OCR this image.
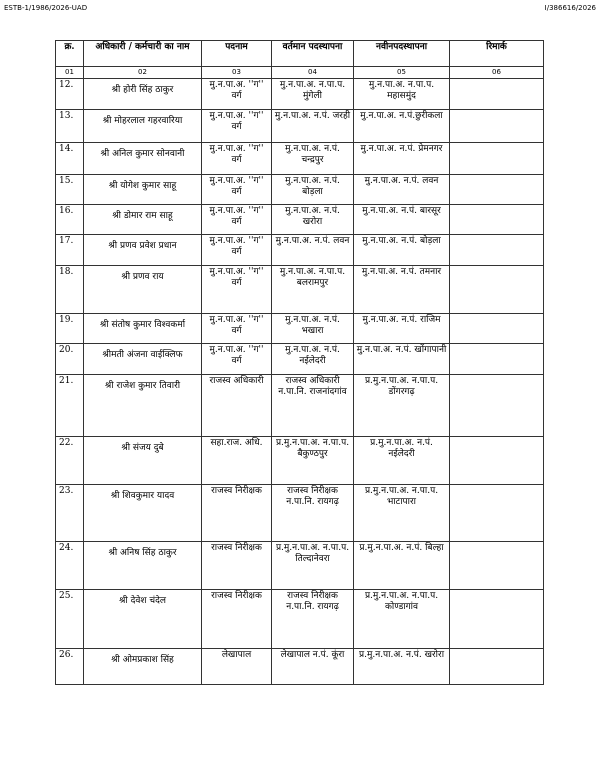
ESTB-1/1986/2026-UAD	I/386616/2026
क्र.	अधिकारी / कर्मचारी का नाम	पदनाम	वर्तमान पदस्थापना	नवीनपदस्थापना	रिमार्क
01	02	03	04	05	06
12.	श्री होरी सिंह ठाकुर	मु.न.पा.अ. ''ग'' वर्ग	मु.न.पा.अ. न.पा.प. मुंगेली	मु.न.पा.अ. न.पा.प. महासमुंद	
13.	श्री मोहरलाल गहरवारिया	मु.न.पा.अ. ''ग'' वर्ग	मु.न.पा.अ. न.पं. जरही	मु.न.पा.अ. न.पं.छुरीकला	
14.	श्री अनिल कुमार सोनवानी	मु.न.पा.अ. ''ग'' वर्ग	मु.न.पा.अ. न.पं. चन्द्रपुर	मु.न.पा.अ. न.पं. प्रेमनगर	
15.	श्री योगेश कुमार साहू	मु.न.पा.अ. ''ग'' वर्ग	मु.न.पा.अ. न.पं. बोड़ला	मु.न.पा.अ. न.पं. लवन	
16.	श्री डोमार राम साहू	मु.न.पा.अ. ''ग'' वर्ग	मु.न.पा.अ. न.पं. खरोरा	मु.न.पा.अ. न.पं. बारसूर	
17.	श्री प्रणव प्रवेश प्रधान	मु.न.पा.अ. ''ग'' वर्ग	मु.न.पा.अ. न.पं. लवन	मु.न.पा.अ. न.पं. बोड़ला	
18.	श्री प्रणव राय	मु.न.पा.अ. ''ग'' वर्ग	मु.न.पा.अ. न.पा.प. बलरामपुर	मु.न.पा.अ. न.पं. तमनार	
19.	श्री संतोष कुमार विश्वकर्मा	मु.न.पा.अ. ''ग'' वर्ग	मु.न.पा.अ. न.पं. भखारा	मु.न.पा.अ. न.पं. राजिम	
20.	श्रीमती अंजना वाईक्लिफ	मु.न.पा.अ. ''ग'' वर्ग	मु.न.पा.अ. न.पं. नईलेदरी	मु.न.पा.अ. न.पं. खोंगापानी	
21.	श्री राजेश कुमार तिवारी	राजस्व अधिकारी	राजस्व अधिकारी न.पा.नि. राजनांदगांव	प्र.मु.न.पा.अ. न.पा.प. डोंगरगढ़	
22.	श्री संजय दुबे	सहा.राज. अधि.	प्र.मु.न.पा.अ. न.पा.प. बैकुण्ठपुर	प्र.मु.न.पा.अ. न.पं. नईलेदरी	
23.	श्री शिवकुमार यादव	राजस्व निरीक्षक	राजस्व निरीक्षक न.पा.नि. रायगढ़	प्र.मु.न.पा.अ. न.पा.प. भाटापारा	
24.	श्री अनिष सिंह ठाकुर	राजस्व निरीक्षक	प्र.मु.न.पा.अ. न.पा.प. तिल्दानेवरा	प्र.मु.न.पा.अ. न.पं. बिल्हा	
25.	श्री देवेश चंदेल	राजस्व निरीक्षक	राजस्व निरीक्षक न.पा.नि. रायगढ़	प्र.मु.न.पा.अ. न.पा.प. कोण्डागांव	
26.	श्री ओमप्रकाश सिंह	लेखापाल	लेखापाल न.पं. कूंरा	प्र.मु.न.पा.अ. न.पं. खरोरा	
